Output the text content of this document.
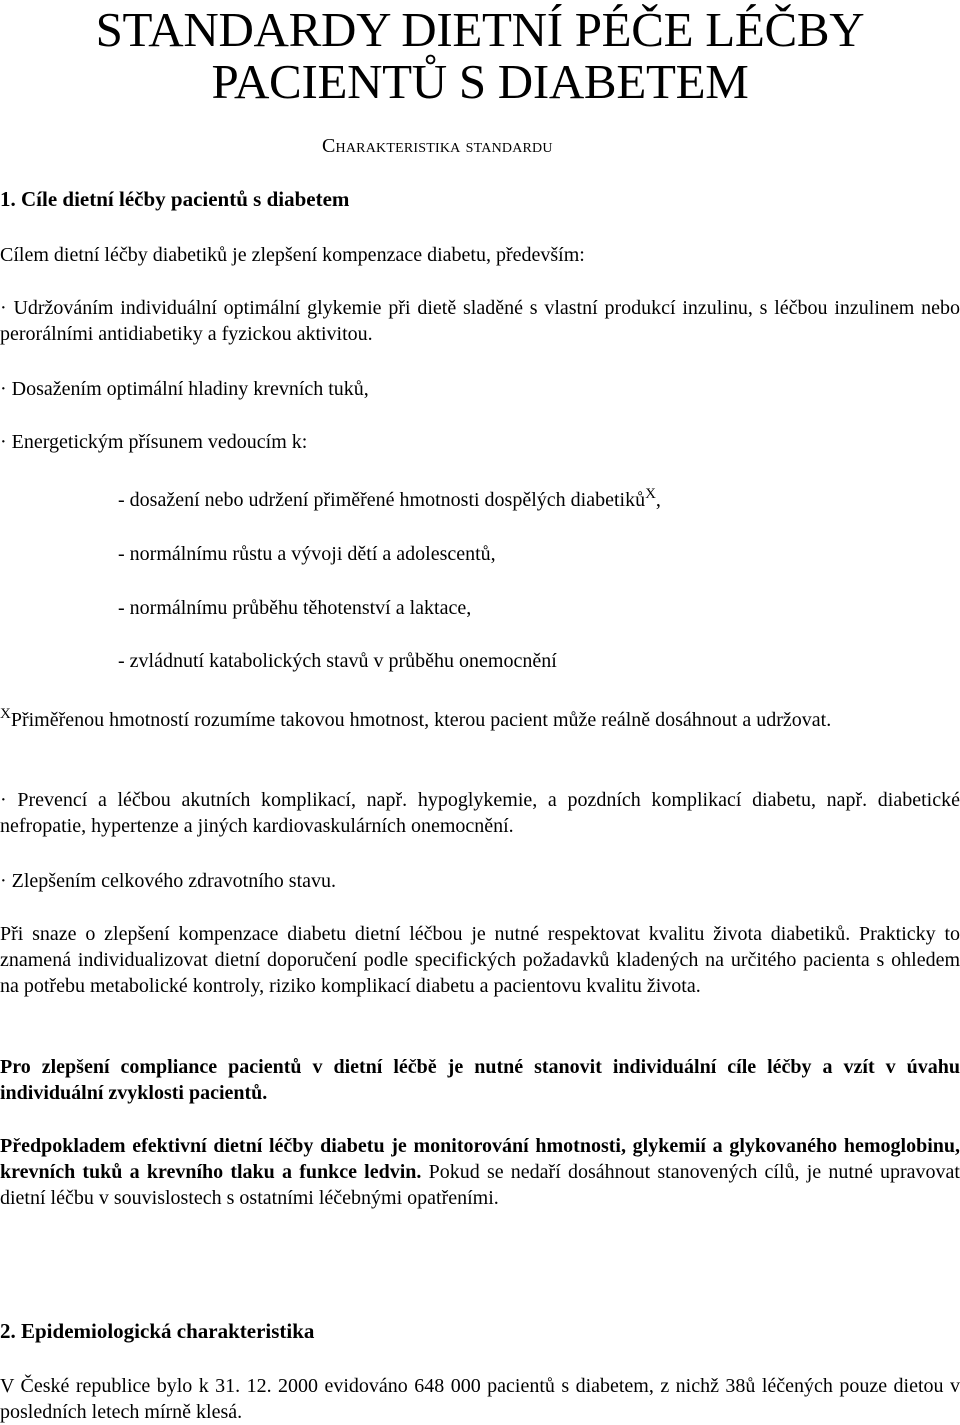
STANDARDY DIETNÍ PÉČE LÉČBY
PACIENTŮ S DIABETEM
Charakteristika standardu
1. Cíle dietní léčby pacientů s diabetem

Cílem dietní léčby diabetiků je zlepšení kompenzace diabetu, především:

· Udržováním individuální optimální glykemie při dietě sladěné s vlastní produkcí inzulinu, s léčbou inzulinem nebo perorálními antidiabetiky a fyzickou aktivitou.

· Dosažením optimální hladiny krevních tuků,

· Energetickým přísunem vedoucím k:

- dosažení nebo udržení přiměřené hmotnosti dospělých diabetiků$^X$,

- normálnímu růstu a vývoji dětí a adolescentů,

- normálnímu průběhu těhotenství a laktace,

- zvládnutí katabolických stavů v průběhu onemocnění

$^X$Přiměřenou hmotností rozumíme takovou hmotnost, kterou pacient může reálně dosáhnout a udržovat.

· Prevencí a léčbou akutních komplikací, např. hypoglykemie, a pozdních komplikací diabetu, např. diabetické nefropatie, hypertenze a jiných kardiovaskulárních onemocnění.

· Zlepšením celkového zdravotního stavu.

Při snaze o zlepšení kompenzace diabetu dietní léčbou je nutné respektovat kvalitu života diabetiků. Prakticky to znamená individualizovat dietní doporučení podle specifických požadavků kladených na určitého pacienta s ohledem na potřebu metabolické kontroly, riziko komplikací diabetu a pacientovu kvalitu života.

Pro zlepšení compliance pacientů v dietní léčbě je nutné stanovit individuální cíle léčby a vzít v úvahu individuální zvyklosti pacientů.

Předpokladem efektivní dietní léčby diabetu je monitorování hmotnosti, glykemií a glykovaného hemoglobinu, krevních tuků a krevního tlaku a funkce ledvin. Pokud se nedaří dosáhnout stanovených cílů, je nutné upravovat dietní léčbu v souvislostech s ostatními léčebnými opatřeními.

2. Epidemiologická charakteristika

V České republice bylo k 31. 12. 2000 evidováno 648 000 pacientů s diabetem, z nichž 38ů léčených pouze dietou v posledních letech mírně klesá.
